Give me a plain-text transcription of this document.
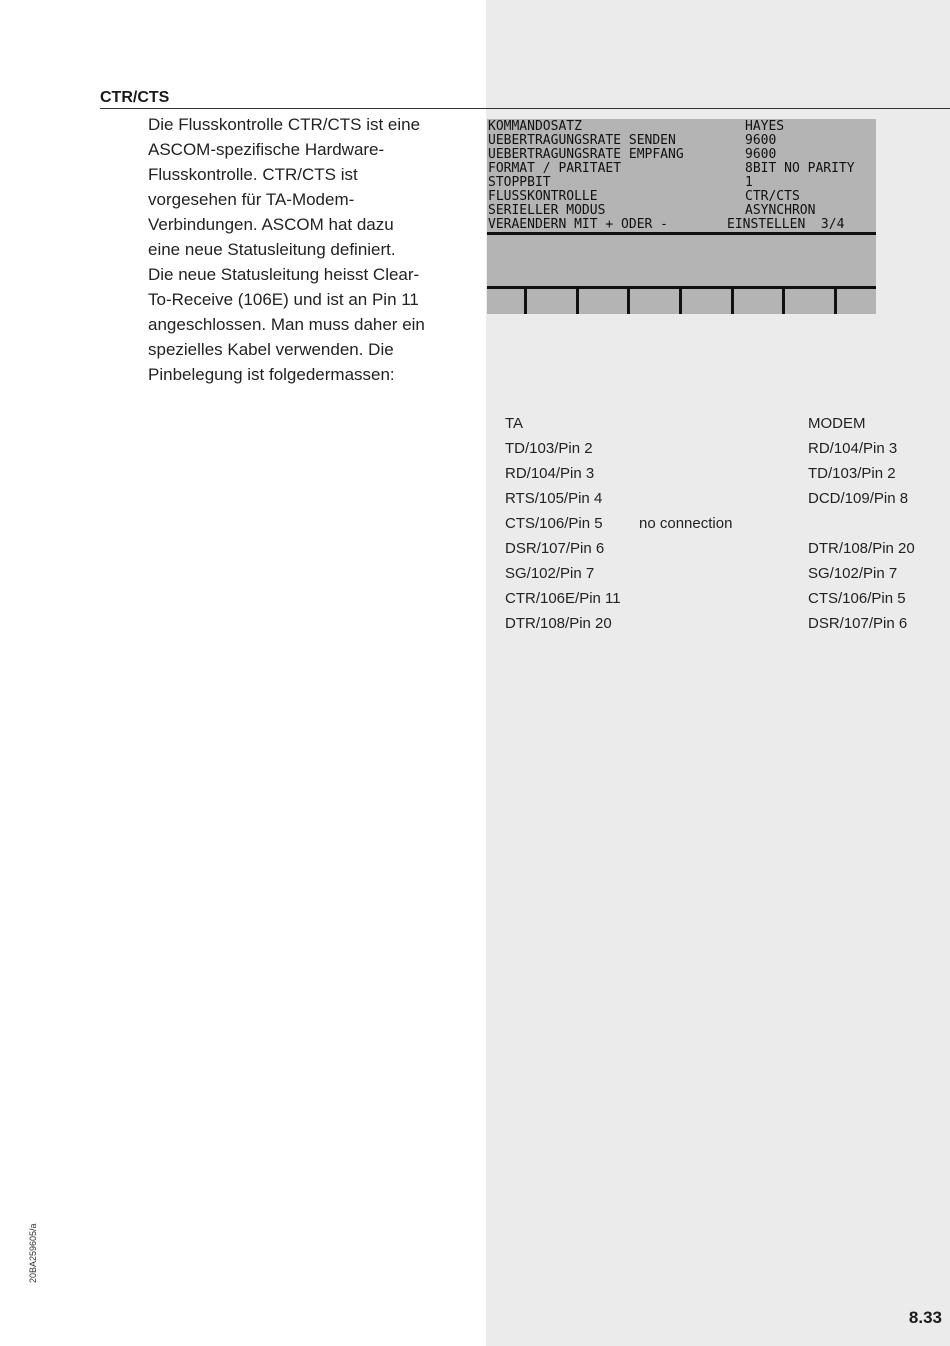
CTR/CTS
Die Flusskontrolle CTR/CTS ist eine
ASCOM-spezifische Hardware-
Flusskontrolle. CTR/CTS ist
vorgesehen für TA-Modem-
Verbindungen. ASCOM hat dazu
eine neue Statusleitung definiert.
Die neue Statusleitung heisst Clear-
To-Receive (106E) und ist an Pin 11
angeschlossen. Man muss daher ein
spezielles Kabel verwenden. Die
Pinbelegung ist folgedermassen:
KOMMANDOSATZ	HAYES
UEBERTRAGUNGSRATE SENDEN	9600
UEBERTRAGUNGSRATE EMPFANG	9600
FORMAT / PARITAET	8BIT NO PARITY
STOPPBIT	1
FLUSSKONTROLLE	CTR/CTS
SERIELLER MODUS	ASYNCHRON
VERAENDERN MIT + ODER -	EINSTELLEN  3/4
TA	MODEM
TD/103/Pin 2	RD/104/Pin 3
RD/104/Pin 3	TD/103/Pin 2
RTS/105/Pin 4	DCD/109/Pin 8
CTS/106/Pin 5 no connection
DSR/107/Pin 6	DTR/108/Pin 20
SG/102/Pin 7	SG/102/Pin 7
CTR/106E/Pin 11	CTS/106/Pin 5
DTR/108/Pin 20	DSR/107/Pin 6
20BA259605/a
8.33
